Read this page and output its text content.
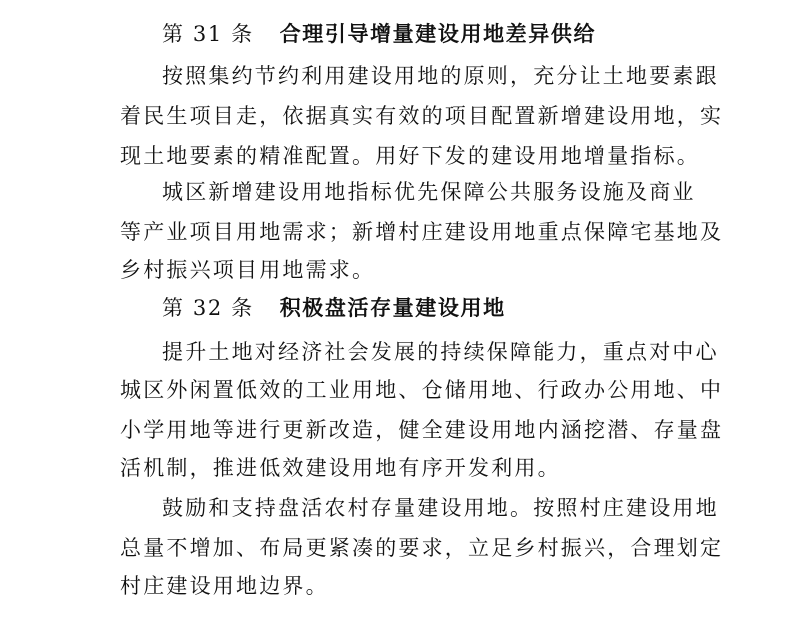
第 31 条 合理引导增量建设用地差异供给
按照集约节约利用建设用地的原则，充分让土地要素跟
着民生项目走，依据真实有效的项目配置新增建设用地，实
现土地要素的精准配置。用好下发的建设用地增量指标。
城区新增建设用地指标优先保障公共服务设施及商业
等产业项目用地需求；新增村庄建设用地重点保障宅基地及
乡村振兴项目用地需求。
第 32 条 积极盘活存量建设用地
提升土地对经济社会发展的持续保障能力，重点对中心
城区外闲置低效的工业用地、仓储用地、行政办公用地、中
小学用地等进行更新改造，健全建设用地内涵挖潜、存量盘
活机制，推进低效建设用地有序开发利用。
鼓励和支持盘活农村存量建设用地。按照村庄建设用地
总量不增加、布局更紧凑的要求，立足乡村振兴，合理划定
村庄建设用地边界。
